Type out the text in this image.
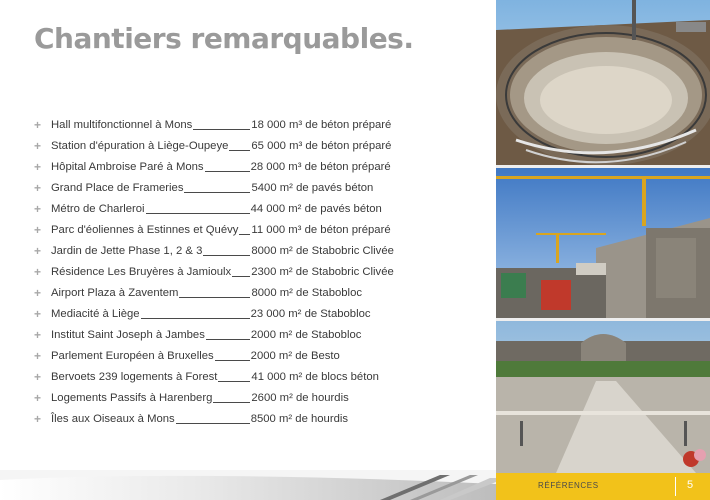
Chantiers remarquables.
+ Hall multifonctionnel à Mons	18 000 m³ de béton préparé
+ Station d'épuration à Liège-Oupeye 65 000 m³ de béton préparé
+ Hôpital Ambroise Paré à Mons	28 000 m³ de béton préparé
+ Grand Place de Frameries	5400 m² de pavés béton
+ Métro de Charleroi	44 000 m² de pavés béton
+ Parc d'éoliennes à Estinnes et Quévy 11 000 m³ de béton préparé
+ Jardin de Jette Phase 1, 2 & 3	8000 m² de Stabobric Clivée
+ Résidence Les Bruyères à Jamioulx 2300 m² de Stabobric Clivée
+ Airport Plaza à Zaventem	8000 m² de Stabobloc
+ Mediacité à Liège	23 000 m² de Stabobloc
+ Institut Saint Joseph à Jambes	2000 m² de Stabobloc
+ Parlement Européen à Bruxelles	2000 m² de Besto
+ Bervoets 239 logements à Forest	41 000 m² de blocs béton
+ Logements Passifs à Harenberg	2600 m² de hourdis
+ Îles aux Oiseaux à Mons	8500 m² de hourdis
RÉFÉRENCES	5
